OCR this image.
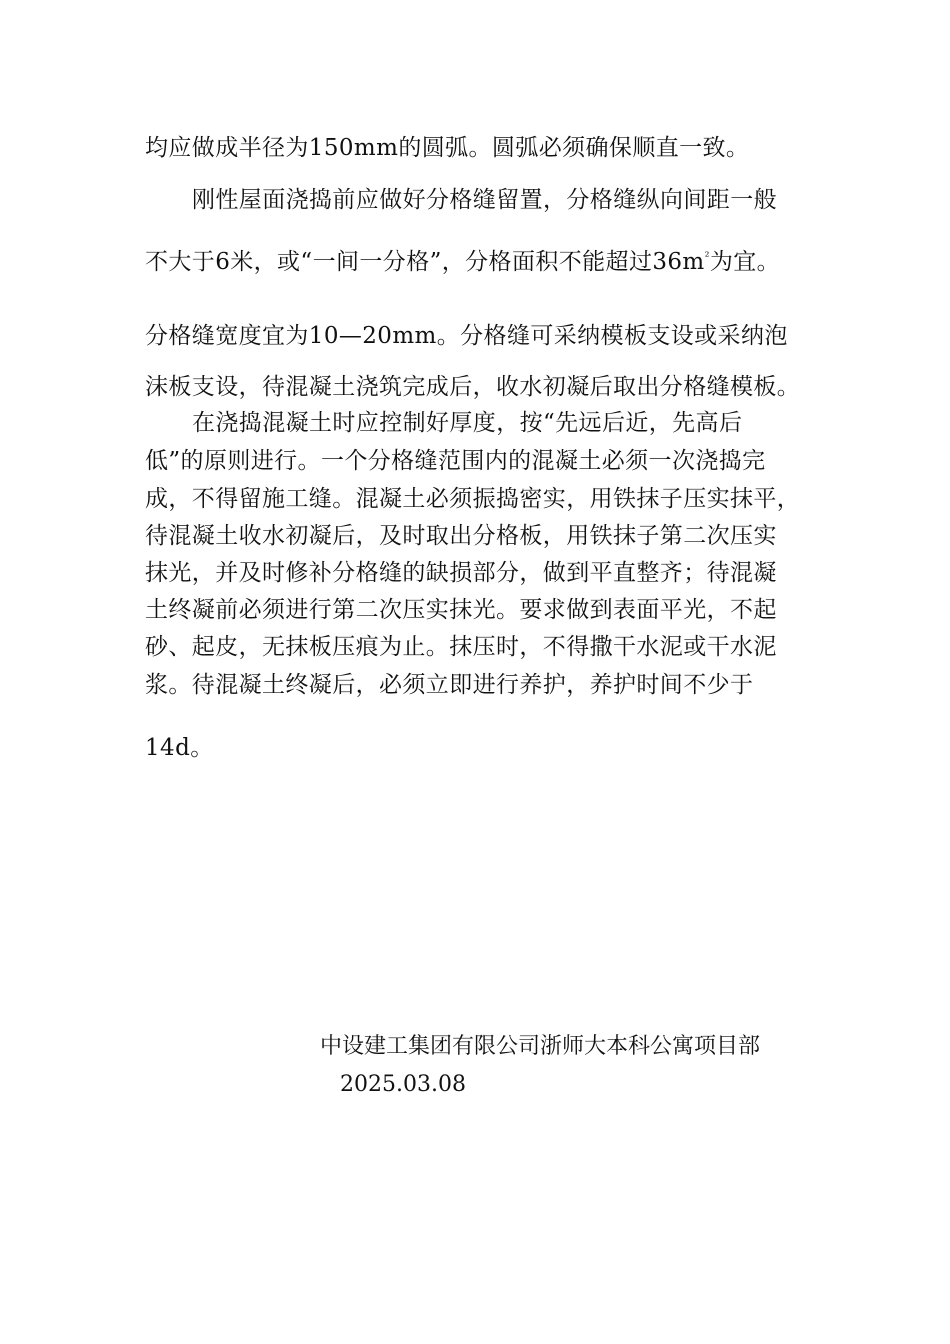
均应做成半径为150mm的圆弧。圆弧必须确保顺直一致。
刚性屋面浇捣前应做好分格缝留置，分格缝纵向间距一般
不大于6米，或“一间一分格”，分格面积不能超过$36m^{^2}$为宜。
分格缝宽度宜为10—20mm。分格缝可采纳模板支设或采纳泡
沫板支设，待混凝土浇筑完成后，收水初凝后取出分格缝模板。
在浇捣混凝土时应控制好厚度，按“先远后近，先高后
低”的原则进行。一个分格缝范围内的混凝土必须一次浇捣完
成，不得留施工缝。混凝土必须振捣密实，用铁抹子压实抹平，
待混凝土收水初凝后，及时取出分格板，用铁抹子第二次压实
抹光，并及时修补分格缝的缺损部分，做到平直整齐；待混凝
土终凝前必须进行第二次压实抹光。要求做到表面平光，不起
砂、起皮，无抹板压痕为止。抹压时，不得撒干水泥或干水泥
浆。待混凝土终凝后，必须立即进行养护，养护时间不少于
14d。
中设建工集团有限公司浙师大本科公寓项目部
2025.03.08
